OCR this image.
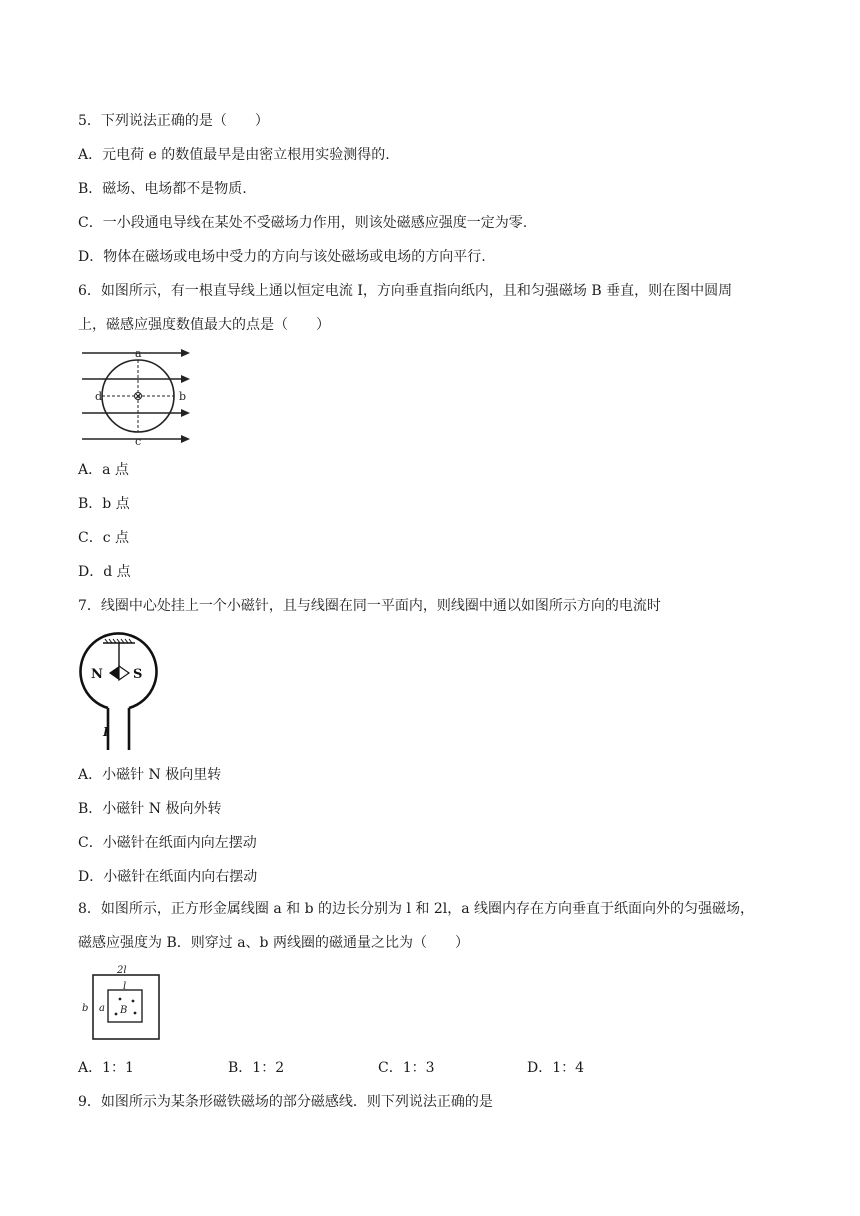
5．下列说法正确的是（　　）
A．元电荷 e 的数值最早是由密立根用实验测得的.
B．磁场、电场都不是物质.
C．一小段通电导线在某处不受磁场力作用，则该处磁感应强度一定为零.
D．物体在磁场或电场中受力的方向与该处磁场或电场的方向平行.
6．如图所示，有一根直导线上通以恒定电流 I，方向垂直指向纸内，且和匀强磁场 B 垂直，则在图中圆周
上，磁感应强度数值最大的点是（　　）
a
b
c
d
A．a 点
B．b 点
C．c 点
D．d 点
7．线圈中心处挂上一个小磁针，且与线圈在同一平面内，则线圈中通以如图所示方向的电流时
N S
I
A．小磁针 N 极向里转
B．小磁针 N 极向外转
C．小磁针在纸面内向左摆动
D．小磁针在纸面内向右摆动
8．如图所示，正方形金属线圈 a 和 b 的边长分别为 l 和 2l，a 线圈内存在方向垂直于纸面向外的匀强磁场，
磁感应强度为 B．则穿过 a、b 两线圈的磁通量之比为（　　）
2l
l
b a B
A．1：1	B．1：2	C．1：3	D．1：4
9．如图所示为某条形磁铁磁场的部分磁感线．则下列说法正确的是
